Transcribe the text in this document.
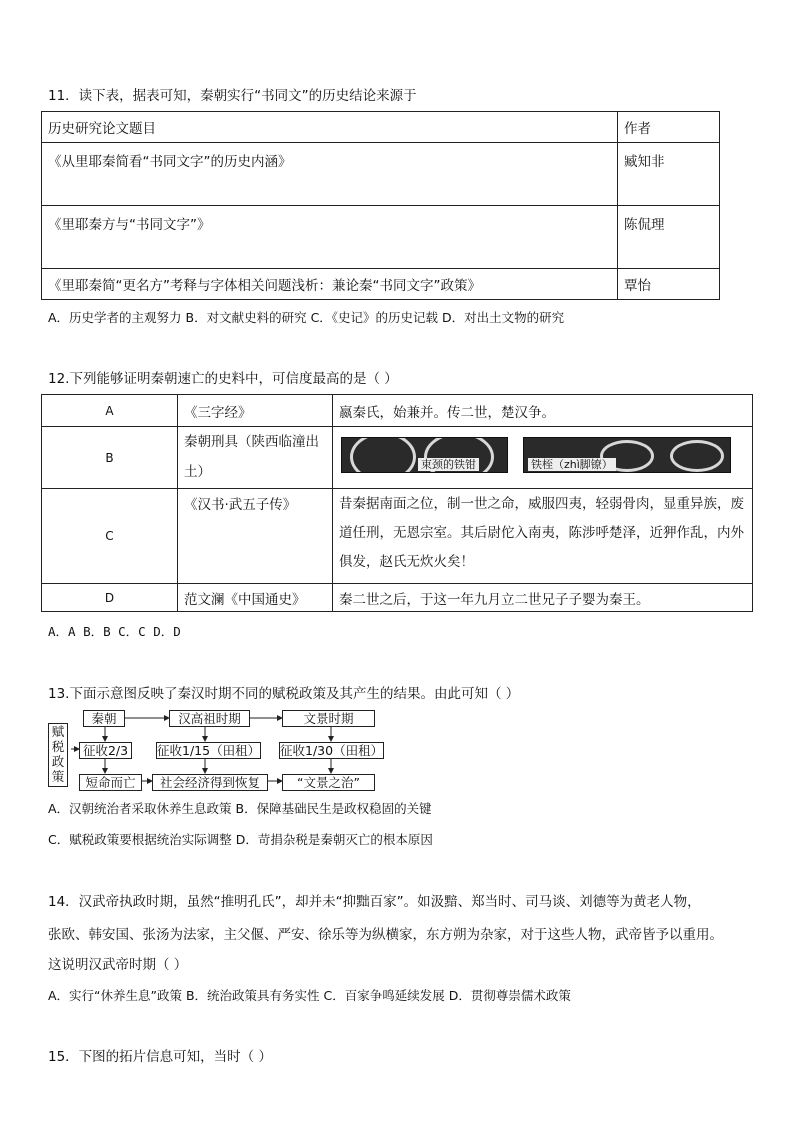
11．读下表，据表可知，秦朝实行“书同文”的历史结论来源于
历史研究论文题目	作者
《从里耶秦简看“书同文字”的历史内涵》	臧知非
《里耶秦方与“书同文字”》	陈侃理
《里耶秦简“更名方”考释与字体相关问题浅析：兼论秦“书同文字”政策》	覃怡
A．历史学者的主观努力 B．对文献史料的研究 C．《史记》的历史记载 D．对出土文物的研究
12.下列能够证明秦朝速亡的史料中，可信度最高的是（ ）
A	《三字经》	嬴秦氏，始兼并。传二世，楚汉争。
B	秦朝刑具（陕西临潼出土）	束颈的铁钳 铁桎（zhì脚镣）

C	《汉书·武五子传》	昔秦据南面之位，制一世之命，威服四夷，轻弱骨肉，显重异族，废道任刑，无恩宗室。其后尉佗入南夷，陈涉呼楚泽，近狎作乱，内外俱发，赵氏无炊火矣！
D	范文澜《中国通史》	秦二世之后，于这一年九月立二世兄子子婴为秦王。
A．A B．B C．C D．D
13.下面示意图反映了秦汉时期不同的赋税政策及其产生的结果。由此可知（ ）
赋税政策
秦朝	汉高祖时期	文景时期
征收2/3	征收1/15（田租） 征收1/30（田租）
短命而亡	社会经济得到恢复	“文景之治”
A．汉朝统治者采取休养生息政策 B．保障基础民生是政权稳固的关键
C．赋税政策要根据统治实际调整 D．苛捐杂税是秦朝灭亡的根本原因
14．汉武帝执政时期，虽然“推明孔氏”，却并未“抑黜百家”。如汲黯、郑当时、司马谈、刘德等为黄老人物，
张欧、韩安国、张汤为法家，主父偃、严安、徐乐等为纵横家，东方朔为杂家，对于这些人物，武帝皆予以重用。
这说明汉武帝时期（ ）
A．实行“休养生息”政策 B．统治政策具有务实性 C．百家争鸣延续发展 D．贯彻尊崇儒术政策
15．下图的拓片信息可知，当时（ ）
